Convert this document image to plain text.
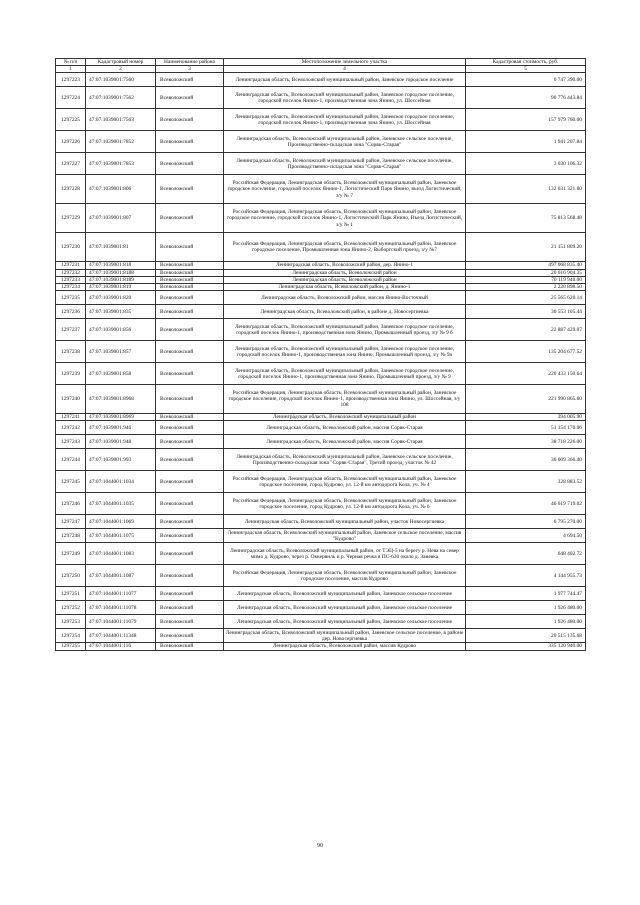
№ п/п	Кадастровый номер	Наименование района	Местоположение земельного участка	Кадастровая стоимость, руб.
1	2	3	4	5
1297223	47:07:1039001:7560	Всеволожский	Ленинградская область, Всеволожский муниципальный район, Заневское городское поселение	6 747 390.00
1297224	47:07:1039001:7562	Всеволожский	Ленинградская область, Всеволожский муниципальный район, Заневское городское поселение, городской поселок Янино-1, производственная зона Янино, ул. Шоссейная	90 776 443.84
1297225	47:07:1039001:7563	Всеволожский	Ленинградская область, Всеволожский муниципальный район, Заневское городское поселение, городской поселок Янино-1, производственная зона Янино, ул. Шоссейная	157 979 760.00
1297226	47:07:1039001:7852	Всеволожский	Ленинградская область, Всеволожский муниципальный район, Заневское сельское поселение, Производственно-складская зона "Сорвк-Старая"	1 941 207.84
1297227	47:07:1039001:7853	Всеволожский	Ленинградская область, Всеволожский муниципальный район, Заневское сельское поселение, Производственно-складская зона "Сорвк-Старая"	3 030 106.32
1297228	47:07:1039001:806	Всеволожский	Российская Федерация, Ленинградская область, Всеволожский муниципальный район, Заневское городское поселение, городской поселок Янино-1, Логистический Парк Янино, въезд Логистический, з/у № 7	132 631 321.60
1297229	47:07:1039001:807	Всеволожский	Российская Федерация, Ленинградская область, Всеволожский муниципальный район, Заневское городское поселение, городской поселок Янино-1, Логистический Парк Янино, Въезд Логистический, з/у № 1	75 813 568.48
1297230	47:07:1039001:81	Всеволожский	Российская Федерация, Ленинградская область, Всеволожский муниципальный район, Заневское городское поселение, Промышленная зона Янино-2, Выборгский проезд, з/у №7	21 151 809.20
1297231	47:07:1039001:818	Всеволожский	Ленинградская область, Всеволожский район, дер. Янино-1	497 068 835.40
1297232	47:07:1039001:8188	Всеволожский	Ленинградская область, Всеволожский район	20 616 904.35
1297233	47:07:1039001:8189	Всеволожский	Ленинградская область, Всеволожский район	70 119 940.00
1297234	47:07:1039001:819	Всеволожский	Ленинградская область, Всеволожский район, д. Янино-1	2 220 898.50
1297235	47:07:1039001:820	Всеволожский	Ленинградская область, Всеволожский район, массив Янино-Восточный	25 565 620.14
1297236	47:07:1039001:835	Всеволожский	Ленинградская область, Всеволожский район, в районе д. Новосергиевка	30 553 105.44
1297237	47:07:1039001:856	Всеволожский	Ленинградская область, Всеволожский муниципальный район, Заневское городское поселение, городской поселок Янино-1, производственная зона Янино, Промышленный проезд, з/у № 9 б	22 887 429.07
1297238	47:07:1039001:857	Всеволожский	Ленинградская область, Всеволожский муниципальный район, Заневское городское поселение, городской поселок Янино-1, производственная зона Янино, Промышленный проезд, з/у № 9а	135 204 677.52
1297239	47:07:1039001:858	Всеволожский	Ленинградская область, Всеволожский муниципальный район, Заневское городское поселение, городской поселок Янино-1, производственная зона Янино, Промышленный проезд, з/у № 9	220 433 150.64
1297240	47:07:1039001:8968	Всеволожский	Российская Федерация, Ленинградская область, Всеволожский муниципальный район, Заневское городское поселение, городской поселок Янино-1, производственная зона Янино, ул. Шоссейная, з/у 108	221 990 865.60
1297241	47:07:1039001:8969	Всеволожский	Ленинградская область, Всеволожский муниципальный район	394 005.90
1297242	47:07:1039001:946	Всеволожский	Ленинградская область, Всеволожский район, массив Сорвк-Старая	51 154 170.06
1297243	47:07:1039001:948	Всеволожский	Ленинградская область, Всеволожский район, массив Сорвк-Старая	38 718 226.00
1297244	47:07:1039001:993	Всеволожский	Ленинградская область, Всеволожский муниципальный район, Заневское сельское поселение, Производственно-складская зона "Сорвк-Старая", Третий проезд, участок № 42	36 009 366.40
1297245	47:07:1044001:1034	Всеволожский	Российская Федерация, Ленинградская область, Всеволожский муниципальный район, Заневское городское поселение, город Кудрово, ул. 12-й км автодорога Кола, уч. № 4	328 883.52
1297246	47:07:1044001:1035	Всеволожский	Российская Федерация, Ленинградская область, Всеволожский муниципальный район, Заневское городское поселение, город Кудрово, ул. 12-й км автодорога Кола, уч. № 6	46 619 719.02
1297247	47:07:1044001:1069	Всеволожский	Ленинградская область, Всеволожский муниципальный район, участок Новосергиевка	6 795 270.00
1297248	47:07:1044001:1075	Всеволожский	Ленинградская область, Всеволожский муниципальный район, Заневское сельское поселение, массив "Кудрово"	4 694.50
1297249	47:07:1044001:1083	Всеволожский	Ленинградская область, Всеволожский муниципальный район, от ТЭЦ-5 на берегу р. Нева на север мимо д. Кудрово, через р. Оккервиль и р. Черная речка в ПС-630 около д. Заневка	648 402.72
1297250	47:07:1044001:1087	Всеволожский	Российская Федерация, Ленинградская область, Всеволожский муниципальный район, Заневское городское поселение, массив Кудрово	4 144 955.73
1297251	47:07:1044001:11077	Всеволожский	Ленинградская область, Всеволожский муниципальный район, Заневское сельское поселение	1 977 744.47
1297252	47:07:1044001:11078	Всеволожский	Ленинградская область, Всеволожский муниципальный район, Заневское сельское поселение	1 926 480.00
1297253	47:07:1044001:11079	Всеволожский	Ленинградская область, Всеволожский муниципальный район, Заневское сельское поселение	1 926 480.00
1297254	47:07:1044001:11348	Всеволожский	Ленинградская область, Всеволожский муниципальный район, Заневское сельское поселение, в районе дер. Новосергиевка	20 515 135.68
1297255	47:07:1044001:116	Всеволожский	Ленинградская область, Всеволожский район, массив Кудрово	335 120 940.00
90
